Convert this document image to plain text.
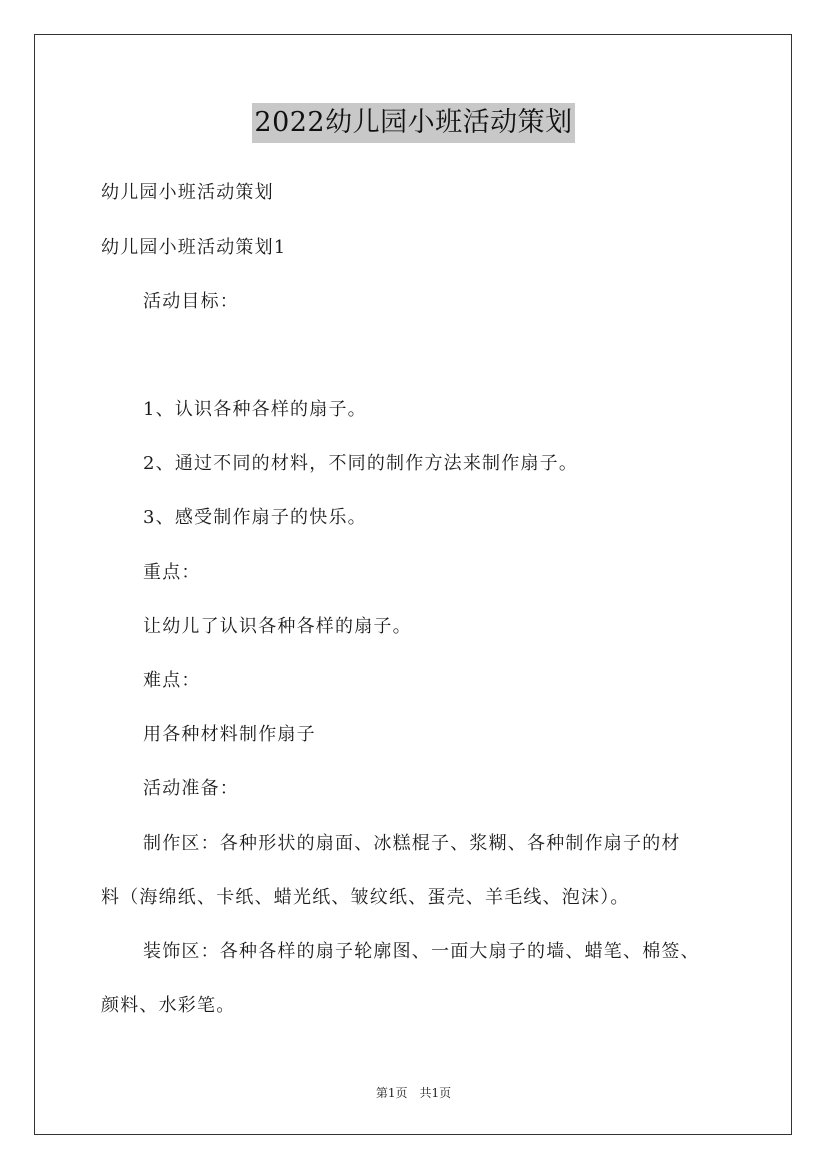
2022幼儿园小班活动策划
幼儿园小班活动策划
幼儿园小班活动策划1
活动目标：
1、认识各种各样的扇子。
2、通过不同的材料，不同的制作方法来制作扇子。
3、感受制作扇子的快乐。
重点：
让幼儿了认识各种各样的扇子。
难点：
用各种材料制作扇子
活动准备：
制作区：各种形状的扇面、冰糕棍子、浆糊、各种制作扇子的材
料（海绵纸、卡纸、蜡光纸、皱纹纸、蛋壳、羊毛线、泡沫）。
装饰区：各种各样的扇子轮廓图、一面大扇子的墙、蜡笔、棉签、
颜料、水彩笔。
第1页 共1页
